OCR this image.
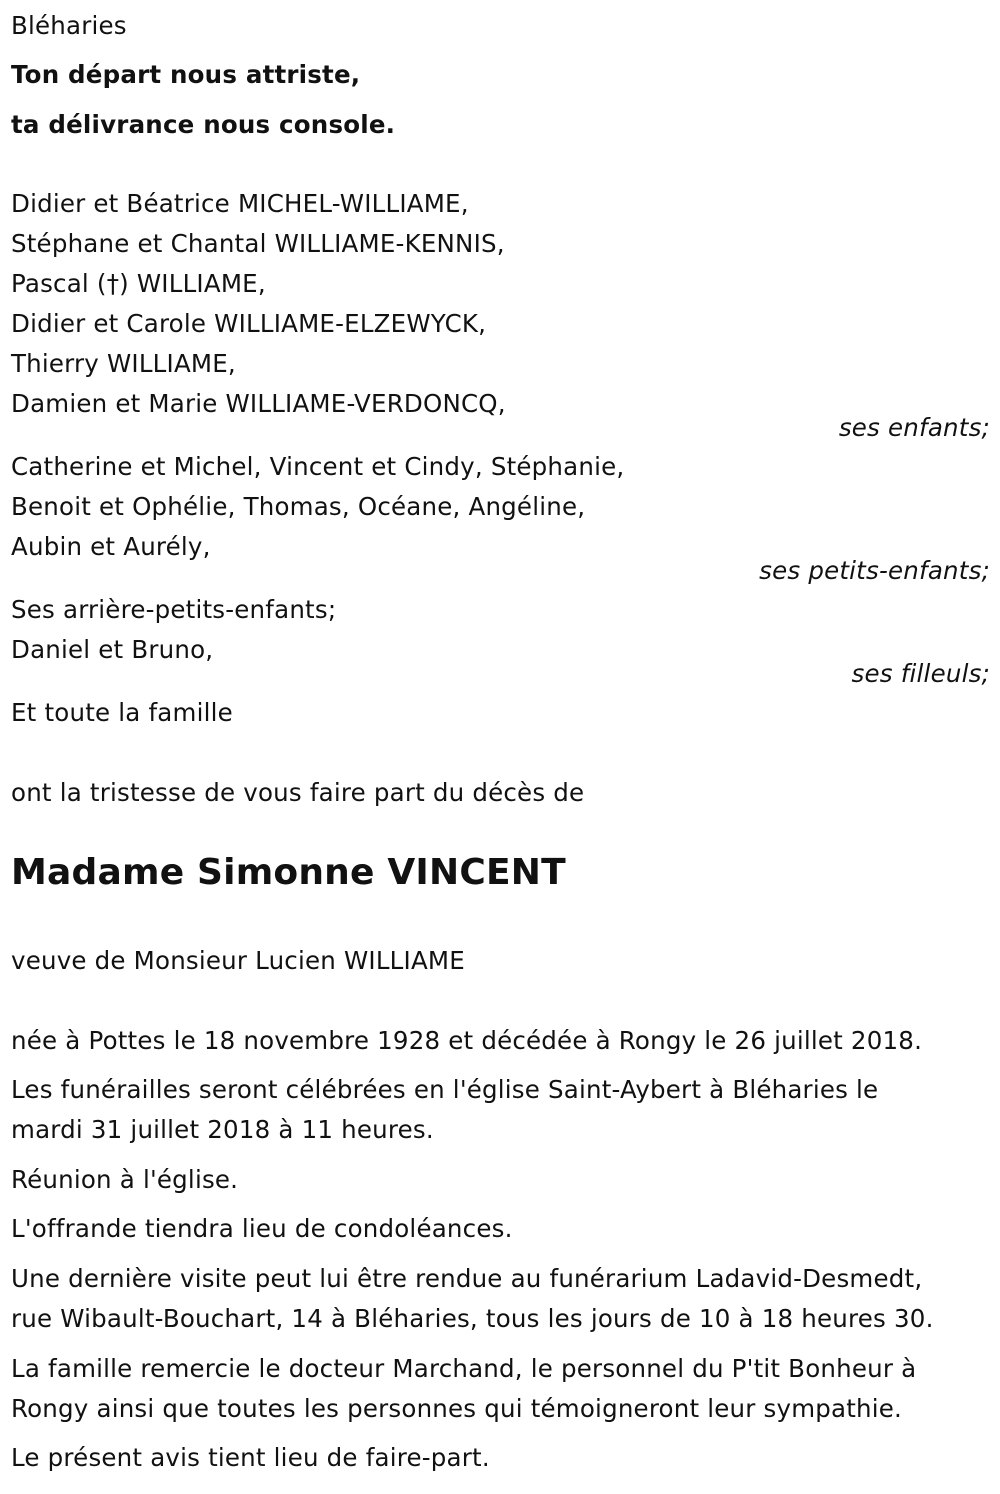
Bléharies
Ton départ nous attriste,
ta délivrance nous console.
Didier et Béatrice MICHEL-WILLIAME,
Stéphane et Chantal WILLIAME-KENNIS,
Pascal (†) WILLIAME,
Didier et Carole WILLIAME-ELZEWYCK,
Thierry WILLIAME,
Damien et Marie WILLIAME-VERDONCQ,
ses enfants;
Catherine et Michel, Vincent et Cindy, Stéphanie,
Benoit et Ophélie, Thomas, Océane, Angéline,
Aubin et Aurély,
ses petits-enfants;
Ses arrière-petits-enfants;
Daniel et Bruno,
ses filleuls;
Et toute la famille
ont la tristesse de vous faire part du décès de
Madame Simonne VINCENT
veuve de Monsieur Lucien WILLIAME
née à Pottes le 18 novembre 1928 et décédée à Rongy le 26 juillet 2018.
Les funérailles seront célébrées en l'église Saint-Aybert à Bléharies le
mardi 31 juillet 2018 à 11 heures.
Réunion à l'église.
L'offrande tiendra lieu de condoléances.
Une dernière visite peut lui être rendue au funérarium Ladavid-Desmedt,
rue Wibault-Bouchart, 14 à Bléharies, tous les jours de 10 à 18 heures 30.
La famille remercie le docteur Marchand, le personnel du P'tit Bonheur à
Rongy ainsi que toutes les personnes qui témoigneront leur sympathie.
Le présent avis tient lieu de faire-part.
